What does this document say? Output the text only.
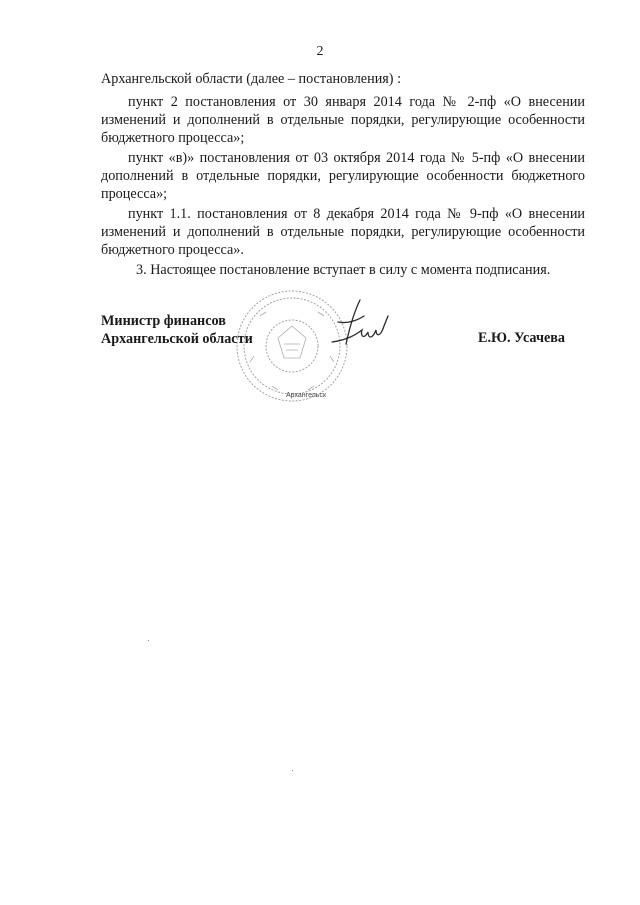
2
Архангельской области (далее – постановления) :
пункт 2 постановления от 30 января 2014 года № 2-пф «О внесении
изменений и дополнений в отдельные порядки, регулирующие особенности
бюджетного процесса»;
пункт «в)» постановления от 03 октября 2014 года № 5-пф «О внесении
дополнений в отдельные порядки, регулирующие особенности бюджетного
процесса»;
пункт 1.1. постановления от 8 декабря 2014 года № 9-пф «О внесении
изменений и дополнений в отдельные порядки, регулирующие особенности
бюджетного процесса».
3. Настоящее постановление вступает в силу с момента подписания.
Архангельск
Министр финансов
Архангельской области	Е.Ю. Усачева
